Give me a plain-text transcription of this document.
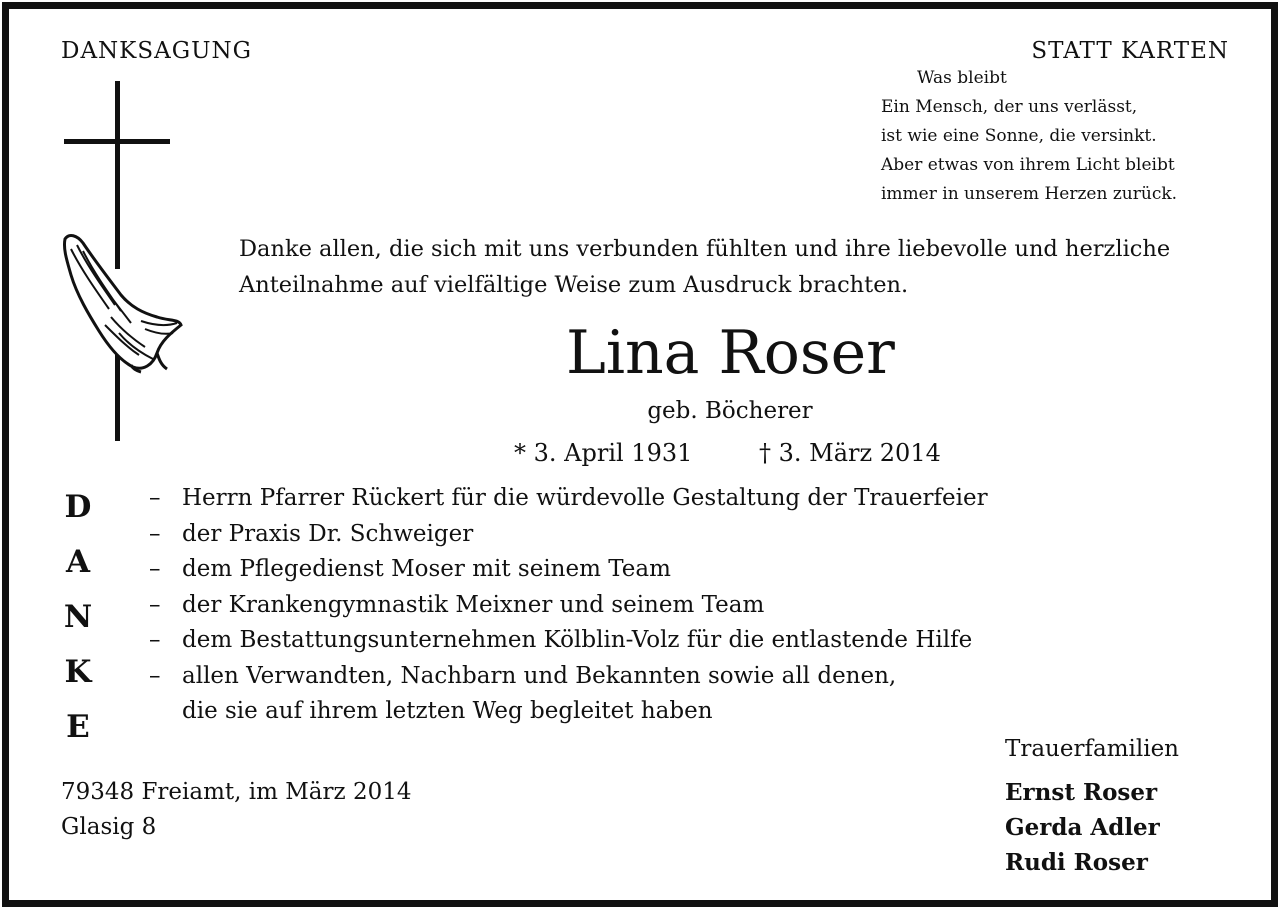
DANKSAGUNG	STATT KARTEN
Was bleibt
Ein Mensch, der uns verlässt,
ist wie eine Sonne, die versinkt.
Aber etwas von ihrem Licht bleibt
immer in unserem Herzen zurück.
Danke allen, die sich mit uns verbunden fühlten und ihre liebevolle und herzliche
Anteilnahme auf vielfältige Weise zum Ausdruck brachten.
Lina Roser
geb. Böcherer
* 3. April 1931	† 3. März 2014
D
A
N
K
E
– Herrn Pfarrer Rückert für die würdevolle Gestaltung der Trauerfeier
– der Praxis Dr. Schweiger
– dem Pflegedienst Moser mit seinem Team
– der Krankengymnastik Meixner und seinem Team
– dem Bestattungsunternehmen Kölblin-Volz für die entlastende Hilfe
– allen Verwandten, Nachbarn und Bekannten sowie all denen,
die sie auf ihrem letzten Weg begleitet haben
Trauerfamilien
Ernst Roser
Gerda Adler
Rudi Roser
79348 Freiamt, im März 2014
Glasig 8
